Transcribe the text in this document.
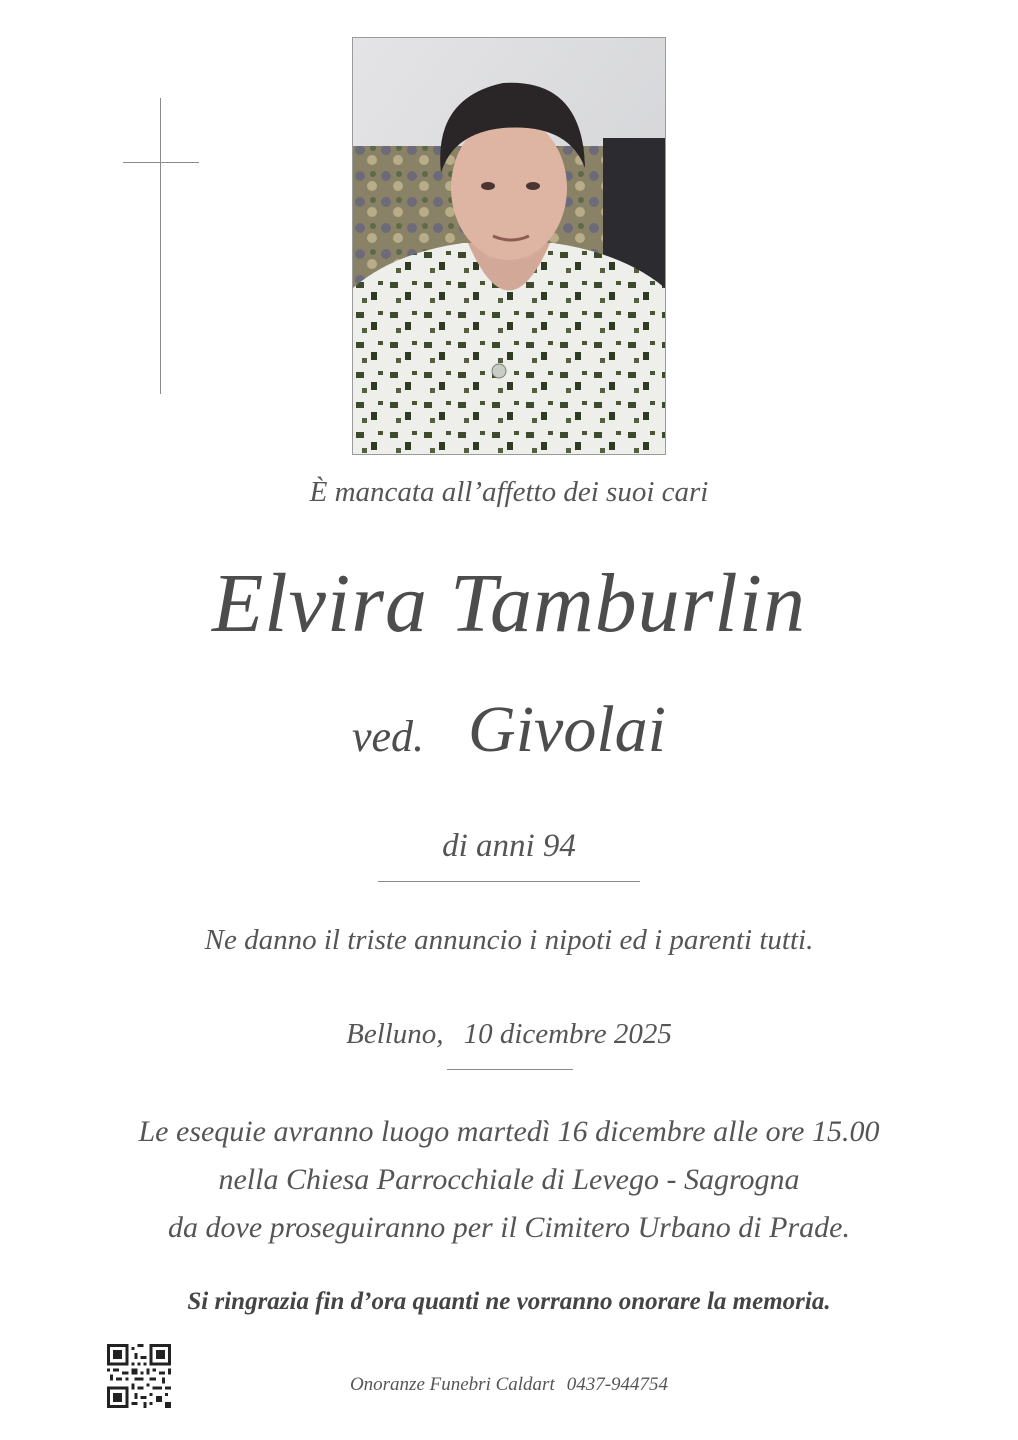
È mancata all’affetto dei suoi cari
Elvira Tamburlin
ved. Givolai
di anni 94
Ne danno il triste annuncio i nipoti ed i parenti tutti.
Belluno, 10 dicembre 2025
Le esequie avranno luogo martedì 16 dicembre alle ore 15.00
nella Chiesa Parrocchiale di Levego - Sagrogna
da dove proseguiranno per il Cimitero Urbano di Prade.
Si ringrazia fin d’ora quanti ne vorranno onorare la memoria.
Onoranze Funebri Caldart 0437-944754
